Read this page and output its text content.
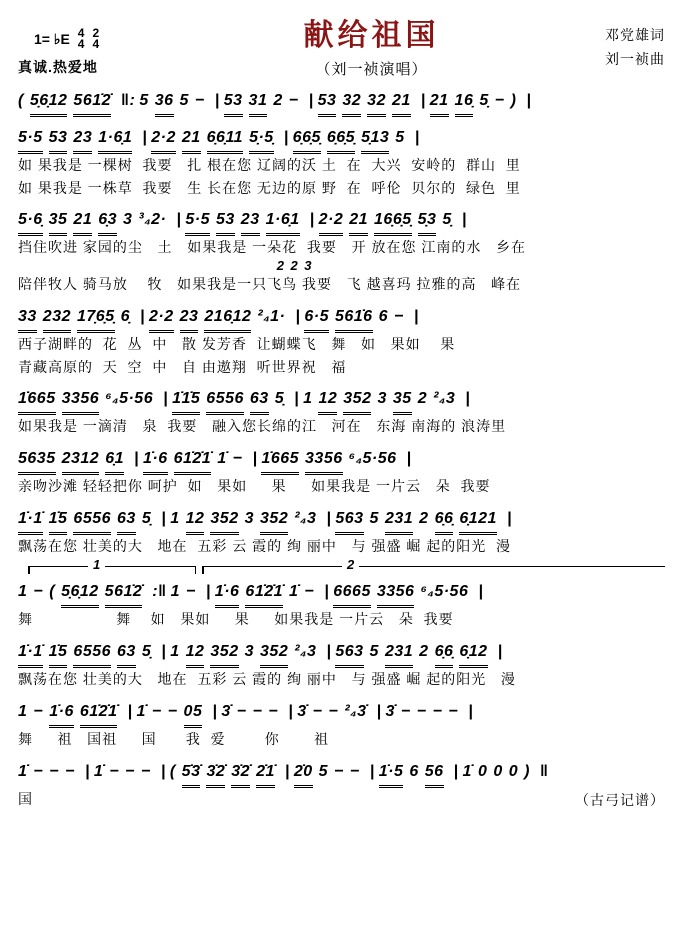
1= ♭E 4
4
2
4
真诚.热爱地
献给祖国
（刘一祯演唱）
邓党雄词
刘一祯曲
( 5̣6̣12 561̇2̇ ‖: 5 36 5 − | 53 31 2 − | 53 32 32 21 | 21 16̣ 5̣ − ) |
5·5 53 23 1·6̣1 | 2·2 21 6̣6̣11 5̣·5̣ | 6̣6̣5̣ 6̣6̣5̣ 5̣13 5 |
如 果我是 一棵树  我要   扎 根在您 辽阔的沃 土  在  大兴  安岭的  群山  里
如 果我是 一株草  我要   生 长在您 无边的原 野  在  呼伦  贝尔的  绿色  里
5·6̣ 35 21 6̣3 3 ³₄2· | 5·5 53 23 1·6̣1 | 2·2 21 16̣6̣5̣ 5̣3 5̣ |
挡住吹进 家园的尘   土   如果我是 一朵花  我要   开 放在您 江南的水   乡在
2 2 3
陪伴牧人 骑马放    牧   如果我是一只飞鸟 我要   飞 越喜玛 拉雅的高   峰在
33 232 17̣6̣5̣ 6̣ | 2·2 23 216̣12 ²₄1· | 6·5 561̇6 6 − |
西子湖畔的  花  丛  中   散 发芳香  让蝴蝶飞   舞   如   果如    果
青藏高原的  天  空  中   自 由遨翔  听世界祝   福
1̇665 3356 ⁶₄5·56 | 1̇1̇5 6556 63 5̣ | 1 12 352 3 35 2 ²₄3 |
如果我是 一滴清   泉  我要   融入您长绵的江   河在   东海 南海的 浪涛里
5635 2312 6̣1 | 1̇·6 61̇2̇1̇ 1̇ − | 1̇665 3356 ⁶₄5·56 |
亲吻沙滩 轻轻把你 呵护  如   果如     果     如果我是 一片云   朵  我要
1̇·1̇ 1̇5 6556 63 5̣ | 1 12 352 3 352 ²₄3 | 563 5 231 2 6̣6̣ 6̣121 |
飘荡在您 壮美的大   地在  五彩 云 霞的 绚 丽中   与 强盛 崛 起的阳光  漫
1	2
1 − ( 5̣6̣12 561̇2̇ :‖ 1 − | 1̇·6 61̇2̇1̇ 1̇ − | 6665 3356 ⁶₄5·56 |
舞                 舞    如   果如     果     如果我是 一片云   朵  我要
1̇·1̇ 1̇5 6556 63 5̣ | 1 12 352 3 352 ²₄3 | 563 5 231 2 6̣6̣ 6̣12 |
飘荡在您 壮美的大   地在  五彩 云 霞的 绚 丽中   与 强盛 崛 起的阳光   漫
1 − 1̇·6 61̇2̇1̇ | 1̇ − − 05 | 3̇ − − − | 3̇ − − ²₄3̇ | 3̇ − − − − |
舞     祖   国祖     国      我  爱        你       祖
1̇ − − − | 1̇ − − − | ( 5̇3̇ 3̇2̇ 3̇2̇ 2̇1̇ | 2̇0 5 − − | 1̇·5 6 56 | 1̇ 0 0 0 ) ‖
国	（古弓记谱）
